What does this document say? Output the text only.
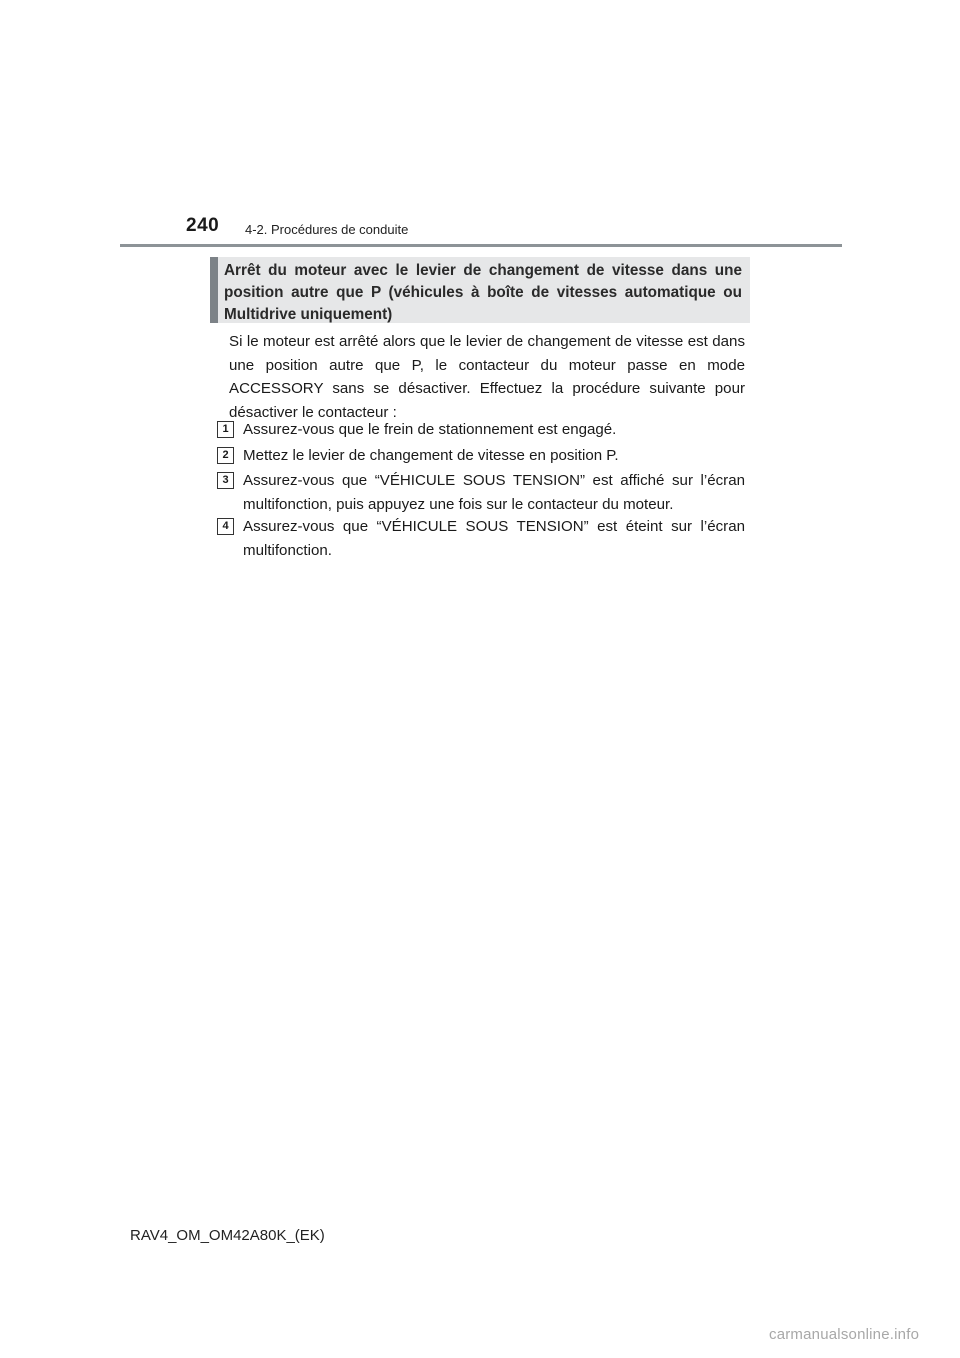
240 4-2. Procédures de conduite
Arrêt du moteur avec le levier de changement de vitesse dans une position autre que P (véhicules à boîte de vitesses automatique ou Multidrive uniquement)
Si le moteur est arrêté alors que le levier de changement de vitesse est dans une position autre que P, le contacteur du moteur passe en mode ACCESSORY sans se désactiver. Effectuez la procédure suivante pour désactiver le contacteur :
1 Assurez-vous que le frein de stationnement est engagé.
2 Mettez le levier de changement de vitesse en position P.
3 Assurez-vous que “VÉHICULE SOUS TENSION” est affiché sur l’écran multifonction, puis appuyez une fois sur le contacteur du moteur.
4 Assurez-vous que “VÉHICULE SOUS TENSION” est éteint sur l’écran multifonction.
RAV4_OM_OM42A80K_(EK)
carmanualsonline.info
